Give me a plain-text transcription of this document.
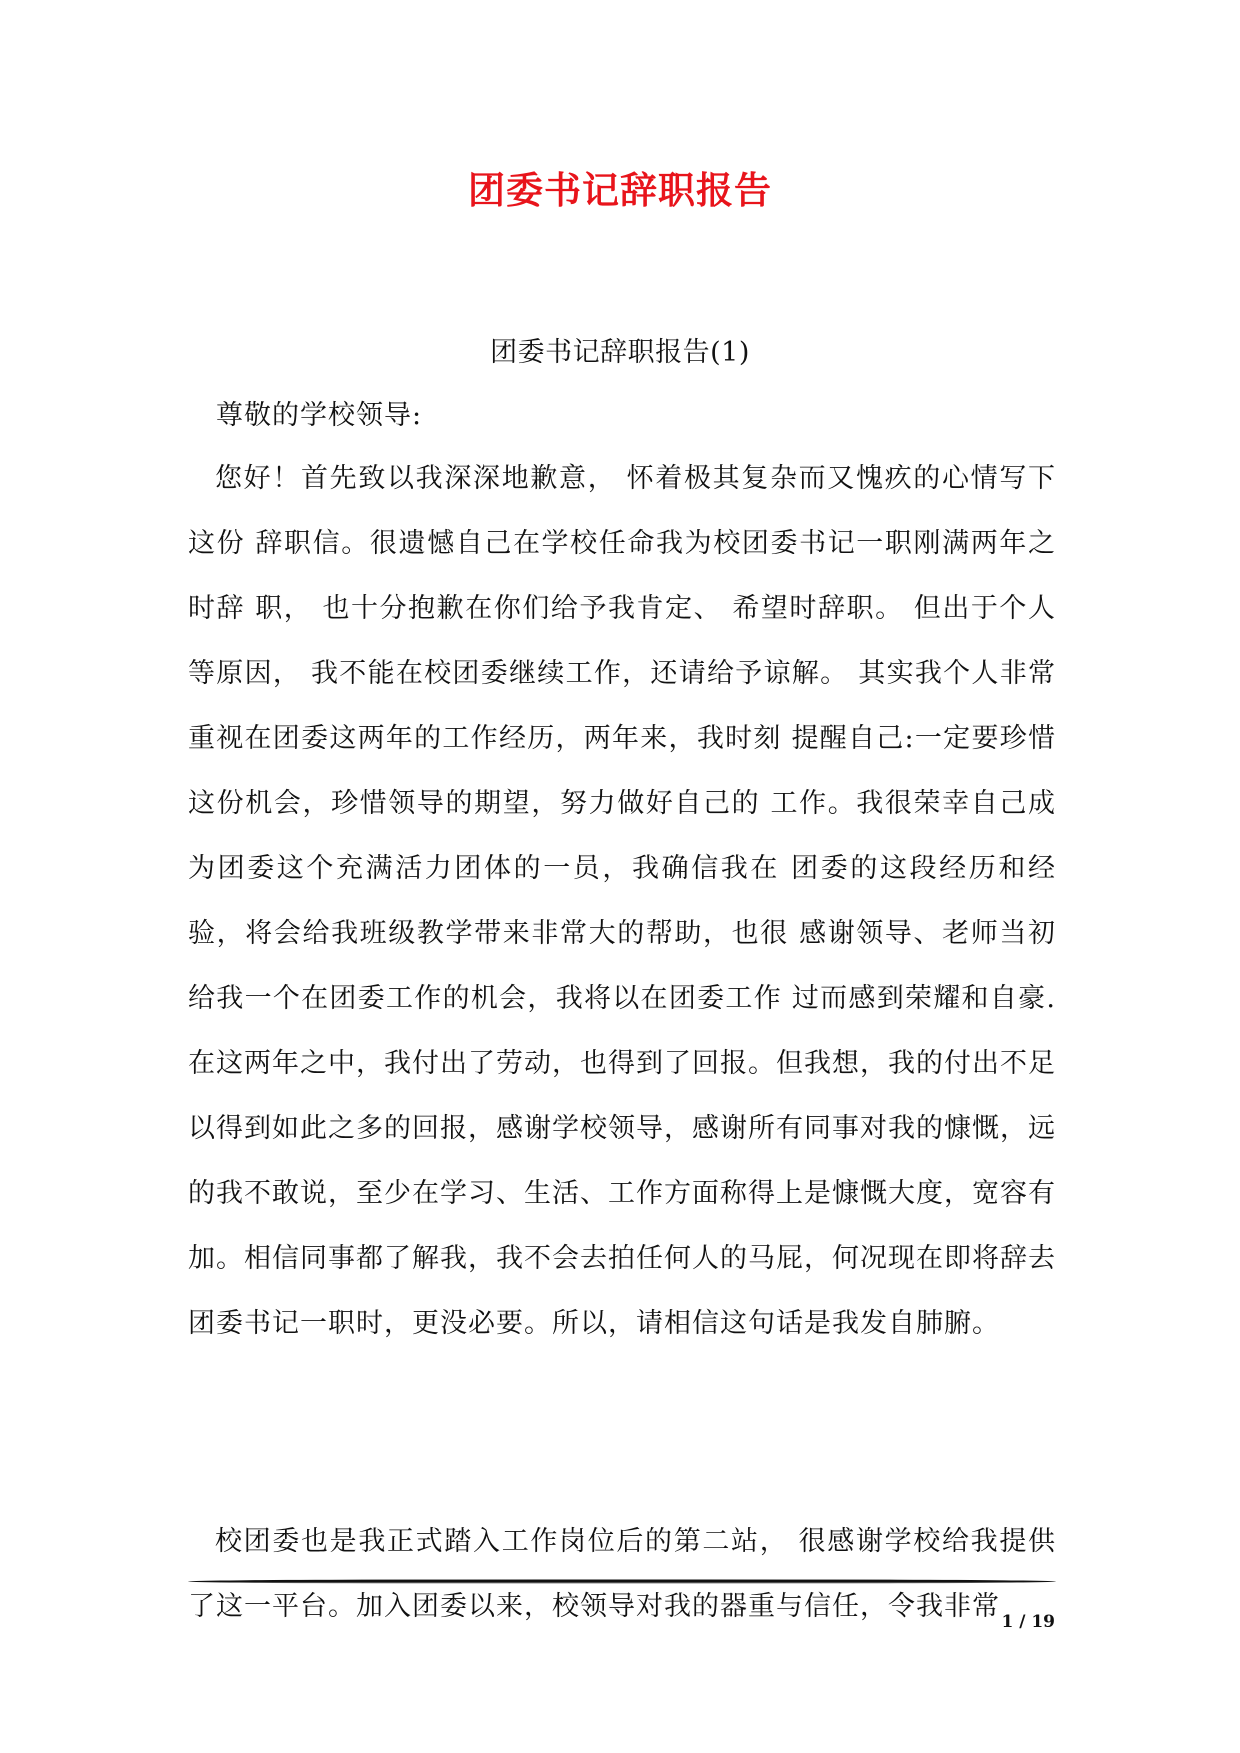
团委书记辞职报告
团委书记辞职报告(1)
尊敬的学校领导:

您好！首先致以我深深地歉意， 怀着极其复杂而又愧疚的心情写下这份 辞职信。很遗憾自己在学校任命我为校团委书记一职刚满两年之时辞 职， 也十分抱歉在你们给予我肯定、 希望时辞职。 但出于个人等原因， 我不能在校团委继续工作，还请给予谅解。 其实我个人非常重视在团委这两年的工作经历，两年来，我时刻 提醒自己:一定要珍惜这份机会，珍惜领导的期望，努力做好自己的 工作。我很荣幸自己成为团委这个充满活力团体的一员，我确信我在 团委的这段经历和经验，将会给我班级教学带来非常大的帮助，也很 感谢领导、老师当初给我一个在团委工作的机会，我将以在团委工作 过而感到荣耀和自豪. 在这两年之中，我付出了劳动，也得到了回报。但我想，我的付出不足以得到如此之多的回报，感谢学校领导，感谢所有同事对我的慷慨，远的我不敢说，至少在学习、生活、工作方面称得上是慷慨大度，宽容有加。相信同事都了解我，我不会去拍任何人的马屁，何况现在即将辞去团委书记一职时，更没必要。所以，请相信这句话是我发自肺腑。

校团委也是我正式踏入工作岗位后的第二站， 很感谢学校给我提供了这一平台。加入团委以来，校领导对我的器重与信任，令我非常 1 / 19
